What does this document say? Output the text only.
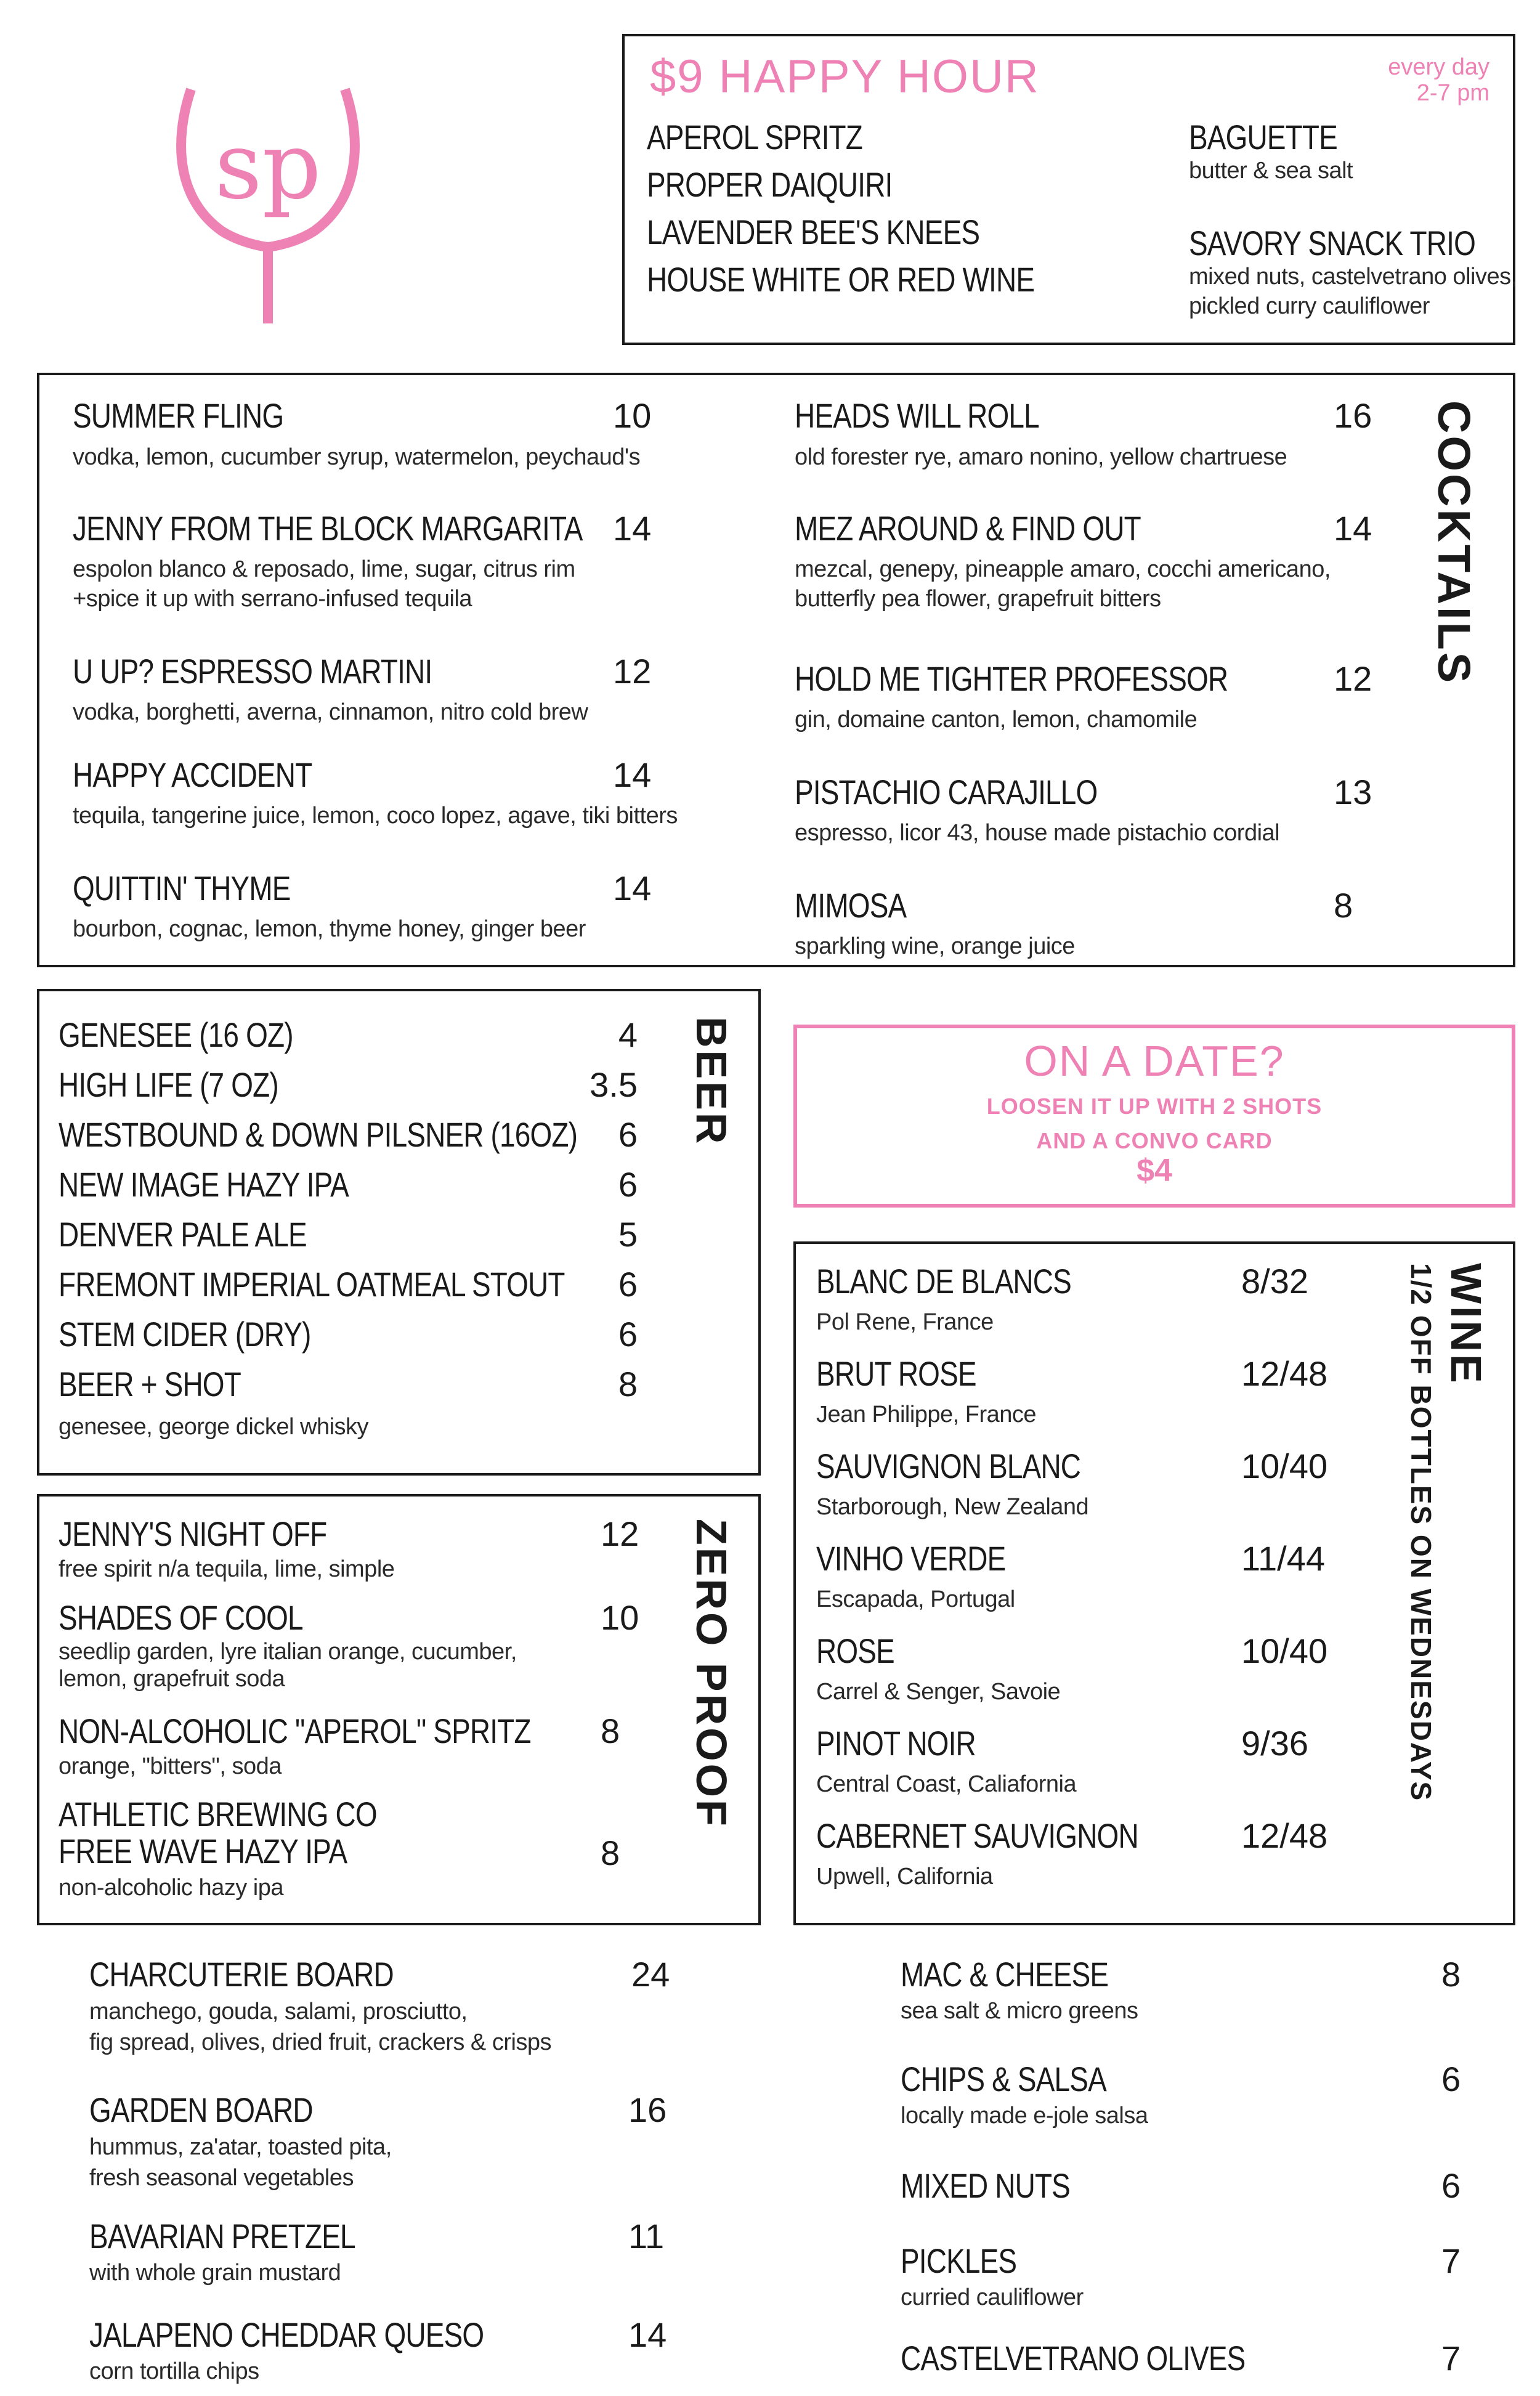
sp
$9 HAPPY HOUR	every day
2-7 pm
APEROL SPRITZ
PROPER DAIQUIRI
LAVENDER BEE'S KNEES
HOUSE WHITE OR RED WINE
BAGUETTE
butter & sea salt
SAVORY SNACK TRIO
mixed nuts, castelvetrano olives,
pickled curry cauliflower
COCKTAILS
SUMMER FLING	10
vodka, lemon, cucumber syrup, watermelon, peychaud's
JENNY FROM THE BLOCK MARGARITA 14
espolon blanco & reposado, lime, sugar, citrus rim
+spice it up with serrano-infused tequila
U UP? ESPRESSO MARTINI	12
vodka, borghetti, averna, cinnamon, nitro cold brew
HAPPY ACCIDENT	14
tequila, tangerine juice, lemon, coco lopez, agave, tiki bitters
QUITTIN' THYME	14
bourbon, cognac, lemon, thyme honey, ginger beer
HEADS WILL ROLL	16
old forester rye, amaro nonino, yellow chartruese
MEZ AROUND & FIND OUT	14
mezcal, genepy, pineapple amaro, cocchi americano,
butterfly pea flower, grapefruit bitters
HOLD ME TIGHTER PROFESSOR	12
gin, domaine canton, lemon, chamomile
PISTACHIO CARAJILLO	13
espresso, licor 43, house made pistachio cordial
MIMOSA	8
sparkling wine, orange juice
BEER
GENESEE (16 OZ)	4
HIGH LIFE (7 OZ)	3.5
WESTBOUND & DOWN PILSNER (16OZ)	6
NEW IMAGE HAZY IPA	6
DENVER PALE ALE	5
FREMONT IMPERIAL OATMEAL STOUT	6
STEM CIDER (DRY)	6
BEER + SHOT	8
genesee, george dickel whisky
ON A DATE?
LOOSEN IT UP WITH 2 SHOTS
AND A CONVO CARD
$4
WINE
1/2 OFF BOTTLES ON WEDNESDAYS
BLANC DE BLANCS	8/32
Pol Rene, France
BRUT ROSE	12/48
Jean Philippe, France
SAUVIGNON BLANC	10/40
Starborough, New Zealand
VINHO VERDE	11/44
Escapada, Portugal
ROSE	10/40
Carrel & Senger, Savoie
PINOT NOIR	9/36
Central Coast, Caliafornia
CABERNET SAUVIGNON	12/48
Upwell, California
ZERO PROOF
JENNY'S NIGHT OFF	12
free spirit n/a tequila, lime, simple
SHADES OF COOL	10
seedlip garden, lyre italian orange, cucumber,
lemon, grapefruit soda
NON-ALCOHOLIC "APEROL" SPRITZ 8
orange, "bitters", soda
ATHLETIC BREWING CO
FREE WAVE HAZY IPA	8
non-alcoholic hazy ipa
CHARCUTERIE BOARD	24
manchego, gouda, salami, prosciutto,
fig spread, olives, dried fruit, crackers & crisps
GARDEN BOARD	16
hummus, za'atar, toasted pita,
fresh seasonal vegetables
BAVARIAN PRETZEL	11
with whole grain mustard
JALAPENO CHEDDAR QUESO	14
corn tortilla chips
MAC & CHEESE	8
sea salt & micro greens
CHIPS & SALSA	6
locally made e-jole salsa
MIXED NUTS	6
PICKLES	7
curried cauliflower
CASTELVETRANO OLIVES	7
